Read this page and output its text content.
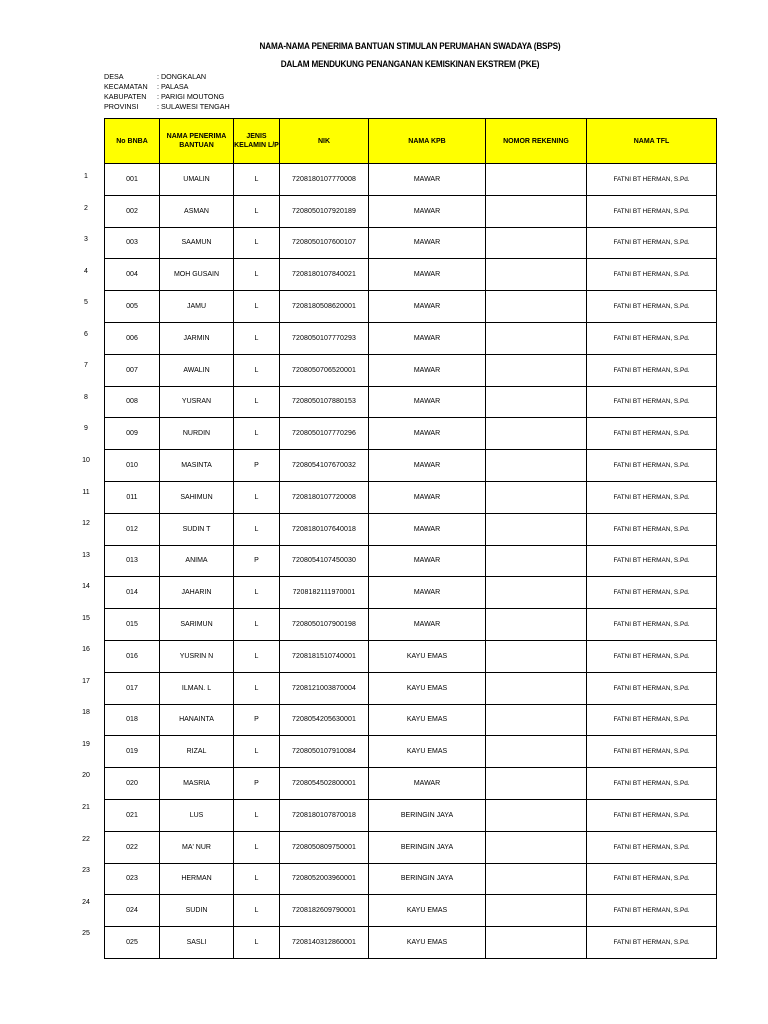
NAMA-NAMA PENERIMA BANTUAN STIMULAN PERUMAHAN SWADAYA (BSPS)
DALAM MENDUKUNG PENANGANAN KEMISKINAN EKSTREM (PKE)
DESA	: DONGKALAN
KECAMATAN	: PALASA
KABUPATEN	: PARIGI MOUTONG
PROVINSI	: SULAWESI TENGAH
1
2
3
4
5
6
7
8
9
10
11
12
13
14
15
16
17
18
19
20
21
22
23
24
25
No BNBA	NAMA PENERIMA BANTUAN	JENIS KELAMIN L/P	NIK	NAMA KPB	NOMOR REKENING	NAMA TFL
001	UMALIN	L	7208180107770008	MAWAR		FATNI BT HERMAN, S.Pd.
002	ASMAN	L	7208050107920189	MAWAR		FATNI BT HERMAN, S.Pd.
003	SAAMUN	L	7208050107600107	MAWAR		FATNI BT HERMAN, S.Pd.
004	MOH GUSAIN	L	7208180107840021	MAWAR		FATNI BT HERMAN, S.Pd.
005	JAMU	L	7208180508620001	MAWAR		FATNI BT HERMAN, S.Pd.
006	JARMIN	L	7208050107770293	MAWAR		FATNI BT HERMAN, S.Pd.
007	AWALIN	L	7208050706520001	MAWAR		FATNI BT HERMAN, S.Pd.
008	YUSRAN	L	7208050107880153	MAWAR		FATNI BT HERMAN, S.Pd.
009	NURDIN	L	7208050107770296	MAWAR		FATNI BT HERMAN, S.Pd.
010	MASINTA	P	7208054107670032	MAWAR		FATNI BT HERMAN, S.Pd.
011	SAHIMUN	L	7208180107720008	MAWAR		FATNI BT HERMAN, S.Pd.
012	SUDIN T	L	7208180107640018	MAWAR		FATNI BT HERMAN, S.Pd.
013	ANIMA	P	7208054107450030	MAWAR		FATNI BT HERMAN, S.Pd.
014	JAHARIN	L	7208182111970001	MAWAR		FATNI BT HERMAN, S.Pd.
015	SARIMUN	L	7208050107900198	MAWAR		FATNI BT HERMAN, S.Pd.
016	YUSRIN N	L	7208181510740001	KAYU EMAS		FATNI BT HERMAN, S.Pd.
017	ILMAN. L	L	7208121003870004	KAYU EMAS		FATNI BT HERMAN, S.Pd.
018	HANAINTA	P	7208054205630001	KAYU EMAS		FATNI BT HERMAN, S.Pd.
019	RIZAL	L	7208050107910084	KAYU EMAS		FATNI BT HERMAN, S.Pd.
020	MASRIA	P	7208054502800001	MAWAR		FATNI BT HERMAN, S.Pd.
021	LUS	L	7208180107870018	BERINGIN JAYA		FATNI BT HERMAN, S.Pd.
022	MA' NUR	L	7208050809750001	BERINGIN JAYA		FATNI BT HERMAN, S.Pd.
023	HERMAN	L	7208052003960001	BERINGIN JAYA		FATNI BT HERMAN, S.Pd.
024	SUDIN	L	7208182609790001	KAYU EMAS		FATNI BT HERMAN, S.Pd.
025	SASLI	L	7208140312860001	KAYU EMAS		FATNI BT HERMAN, S.Pd.
